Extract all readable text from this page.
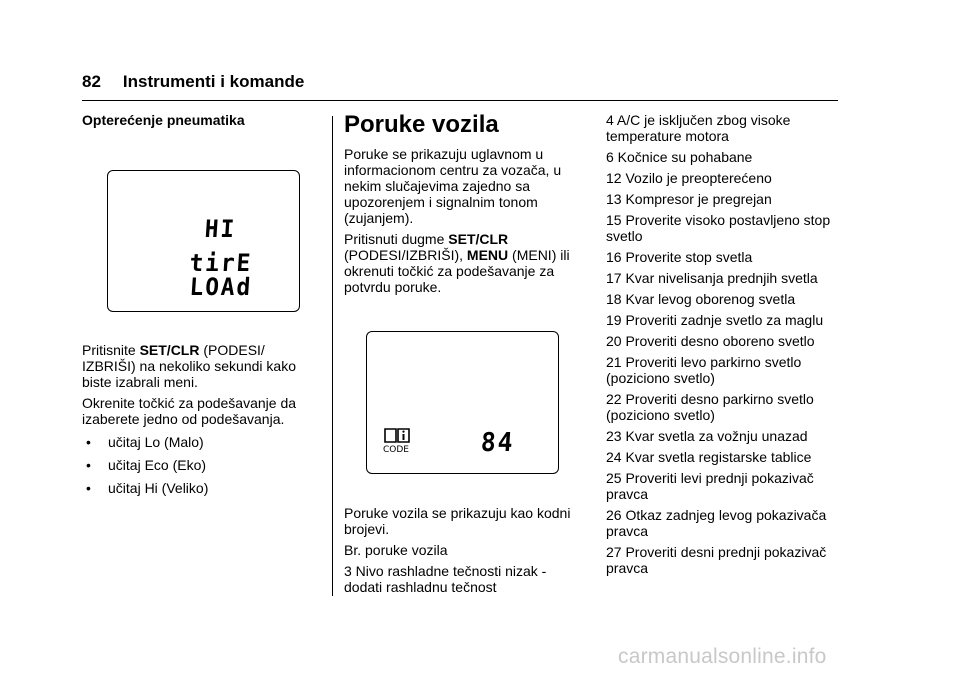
82 Instrumenti i komande

Opterećenje pneumatika

HI
tirE
LOAd

Pritisnite SET/CLR (PODESI/ IZBRIŠI) na nekoliko sekundi kako biste izabrali meni.

Okrenite točkić za podešavanje da izaberete jedno od podešavanja.

•	učitaj Lo (Malo)
•	učitaj Eco (Eko)
•	učitaj Hi (Veliko)
Poruke vozila

Poruke se prikazuju uglavnom u informacionom centru za vozača, u nekim slučajevima zajedno sa upozorenjem i signalnim tonom (zujanjem).

Pritisnuti dugme SET/CLR (PODESI/IZBRIŠI), MENU (MENI) ili okrenuti točkić za podešavanje za potvrdu poruke.

CODE	84

Poruke vozila se prikazuju kao kodni brojevi.

Br. poruke vozila

3 Nivo rashladne tečnosti nizak - dodati rashladnu tečnost

4 A/C je isključen zbog visoke temperature motora

6 Kočnice su pohabane

12 Vozilo je preopterećeno

13 Kompresor je pregrejan

15 Proverite visoko postavljeno stop svetlo

16 Proverite stop svetla

17 Kvar nivelisanja prednjih svetla

18 Kvar levog oborenog svetla

19 Proveriti zadnje svetlo za maglu

20 Proveriti desno oboreno svetlo

21 Proveriti levo parkirno svetlo (poziciono svetlo)

22 Proveriti desno parkirno svetlo (poziciono svetlo)

23 Kvar svetla za vožnju unazad

24 Kvar svetla registarske tablice

25 Proveriti levi prednji pokazivač pravca

26 Otkaz zadnjeg levog pokazivača pravca

27 Proveriti desni prednji pokazivač pravca

carmanualsonline.info
